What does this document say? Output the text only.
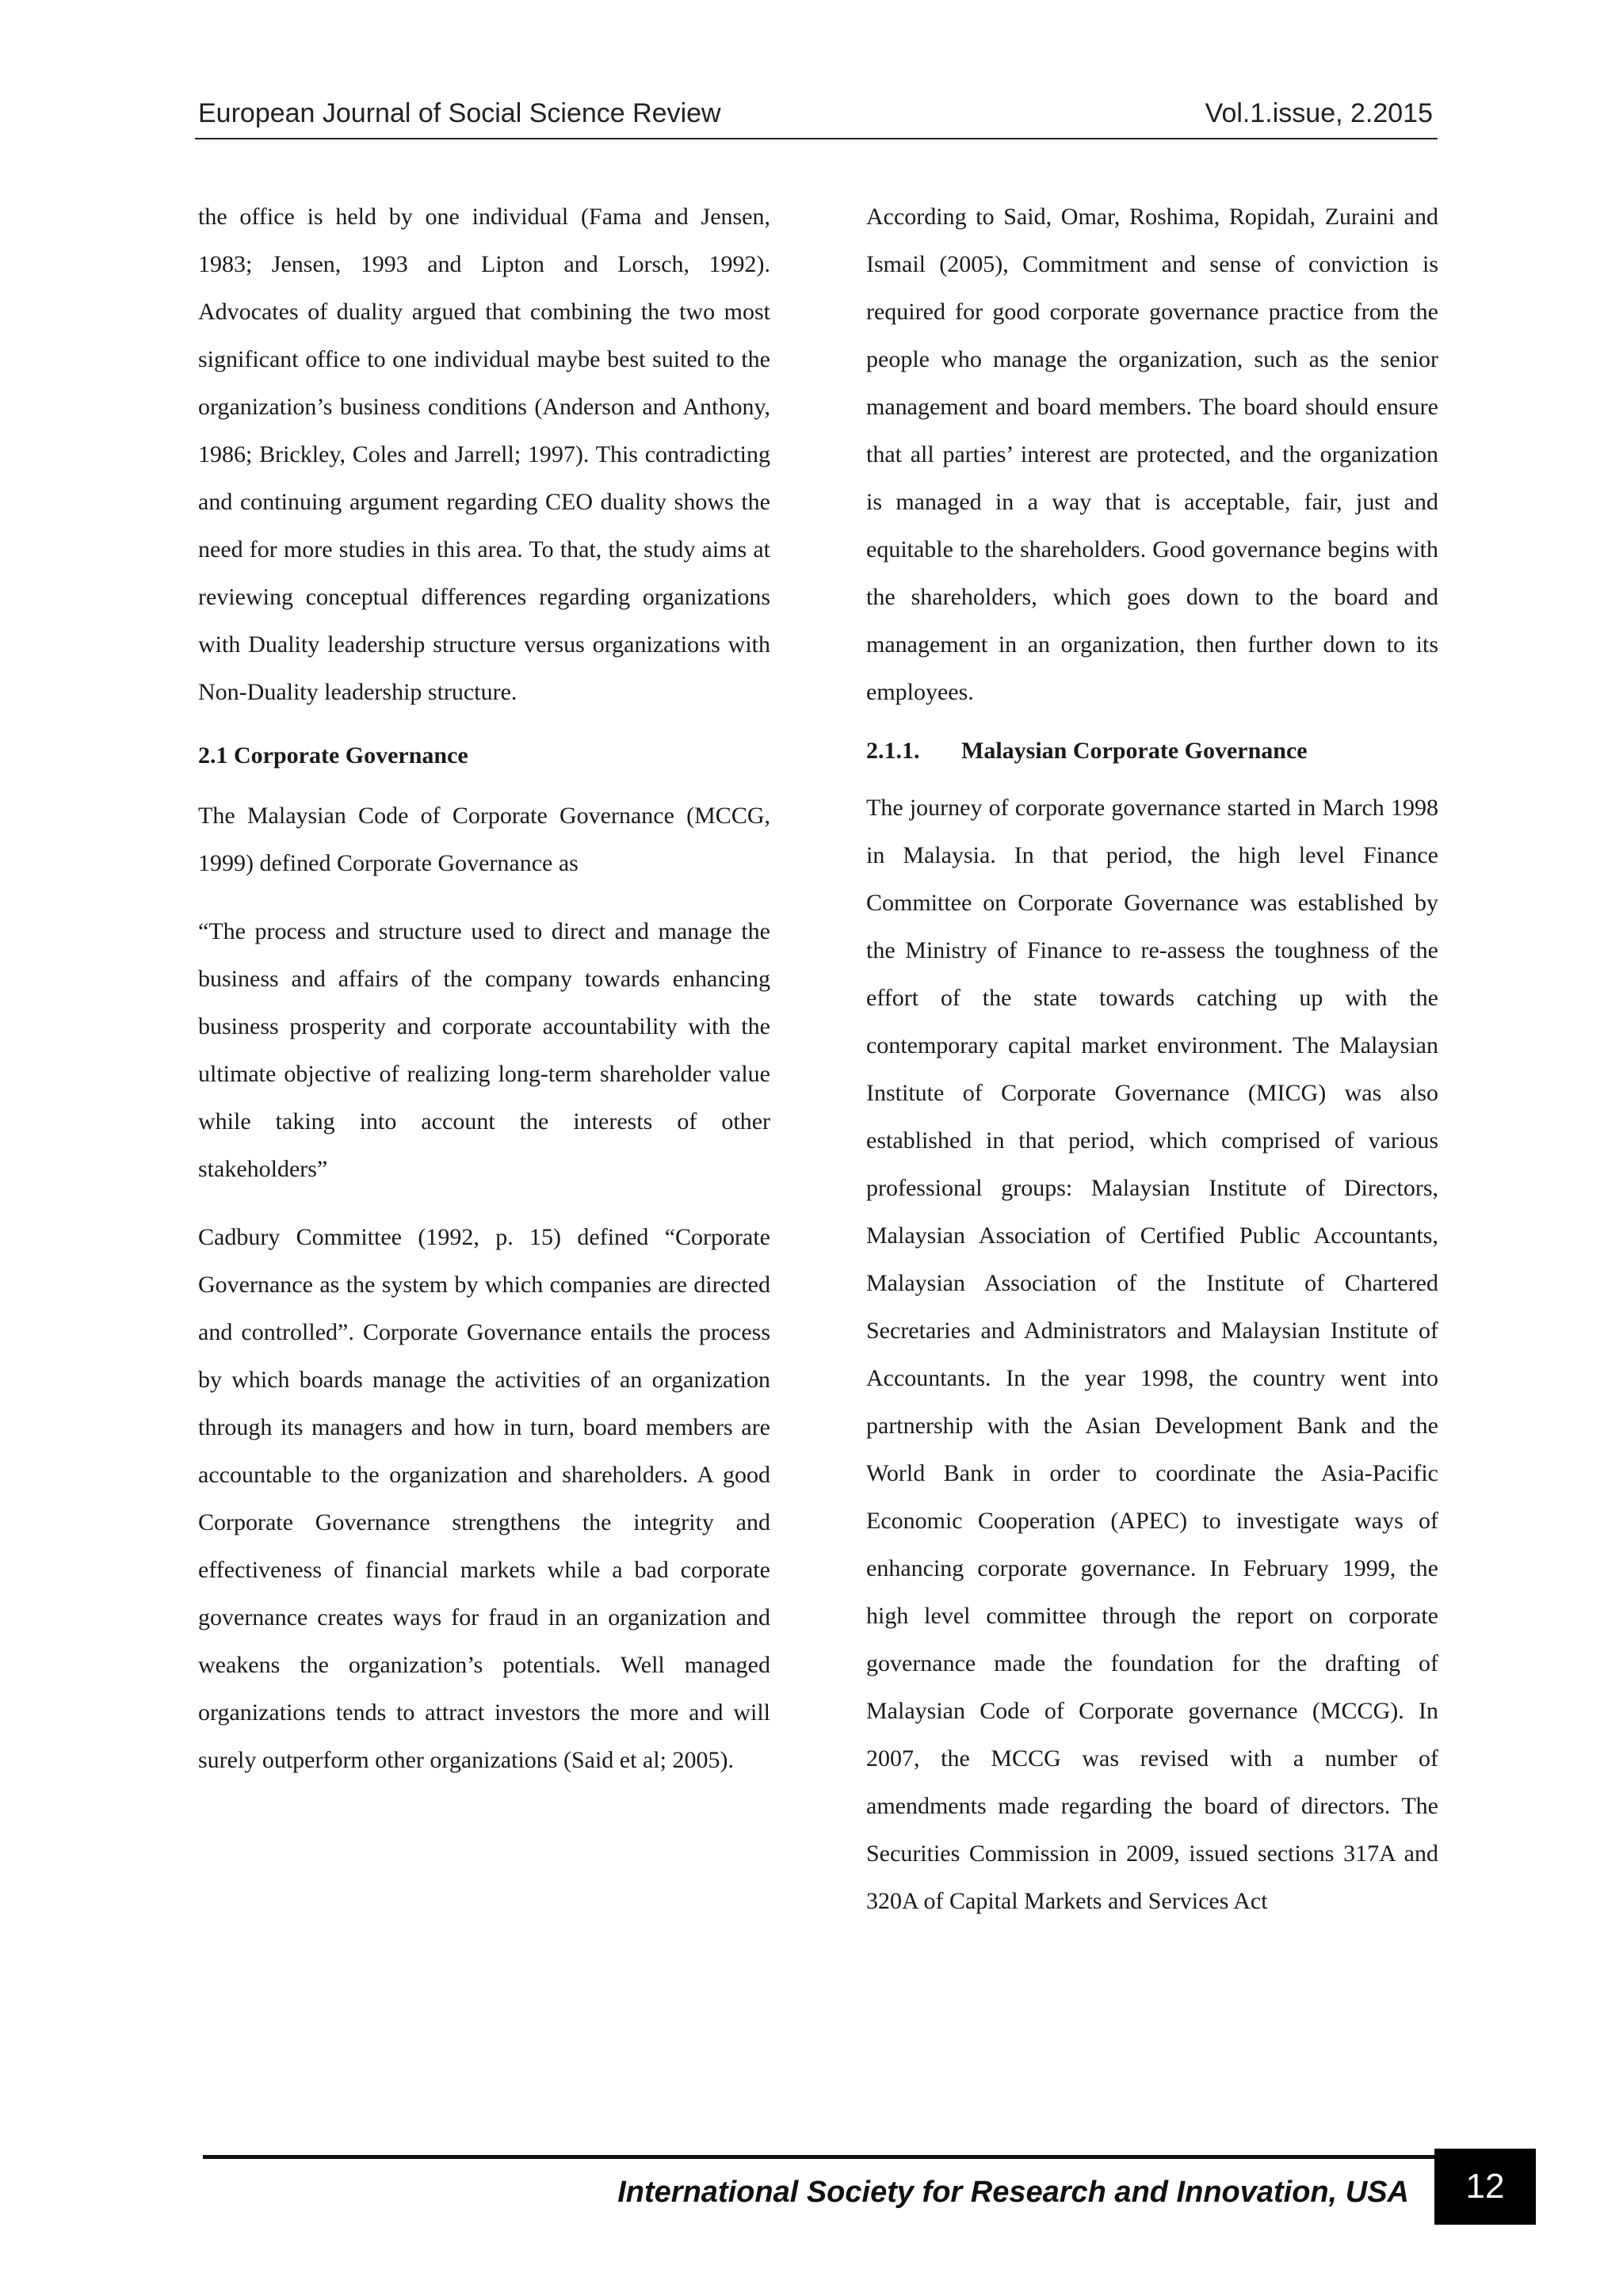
European Journal of Social Science Review	Vol.1.issue, 2.2015

the office is held by one individual (Fama and Jensen, 1983; Jensen, 1993 and Lipton and Lorsch, 1992). Advocates of duality argued that combining the two most significant office to one individual maybe best suited to the organization’s business conditions (Anderson and Anthony, 1986; Brickley, Coles and Jarrell; 1997). This contradicting and continuing argument regarding CEO duality shows the need for more studies in this area. To that, the study aims at reviewing conceptual differences regarding organizations with Duality leadership structure versus organizations with Non-Duality leadership structure.

2.1 Corporate Governance

The Malaysian Code of Corporate Governance (MCCG, 1999) defined Corporate Governance as

“The process and structure used to direct and manage the business and affairs of the company towards enhancing business prosperity and corporate accountability with the ultimate objective of realizing long-term shareholder value while taking into account the interests of other stakeholders”

Cadbury Committee (1992, p. 15) defined “Corporate Governance as the system by which companies are directed and controlled”. Corporate Governance entails the process by which boards manage the activities of an organization through its managers and how in turn, board members are accountable to the organization and shareholders. A good Corporate Governance strengthens the integrity and effectiveness of financial markets while a bad corporate governance creates ways for fraud in an organization and weakens the organization’s potentials. Well managed organizations tends to attract investors the more and will surely outperform other organizations (Said et al; 2005).

According to Said, Omar, Roshima, Ropidah, Zuraini and Ismail (2005), Commitment and sense of conviction is required for good corporate governance practice from the people who manage the organization, such as the senior management and board members. The board should ensure that all parties’ interest are protected, and the organization is managed in a way that is acceptable, fair, just and equitable to the shareholders. Good governance begins with the shareholders, which goes down to the board and management in an organization, then further down to its employees.

2.1.1. Malaysian Corporate Governance

The journey of corporate governance started in March 1998 in Malaysia. In that period, the high level Finance Committee on Corporate Governance was established by the Ministry of Finance to re-assess the toughness of the effort of the state towards catching up with the contemporary capital market environment. The Malaysian Institute of Corporate Governance (MICG) was also established in that period, which comprised of various professional groups: Malaysian Institute of Directors, Malaysian Association of Certified Public Accountants, Malaysian Association of the Institute of Chartered Secretaries and Administrators and Malaysian Institute of Accountants. In the year 1998, the country went into partnership with the Asian Development Bank and the World Bank in order to coordinate the Asia-Pacific Economic Cooperation (APEC) to investigate ways of enhancing corporate governance. In February 1999, the high level committee through the report on corporate governance made the foundation for the drafting of Malaysian Code of Corporate governance (MCCG). In 2007, the MCCG was revised with a number of amendments made regarding the board of directors. The Securities Commission in 2009, issued sections 317A and 320A of Capital Markets and Services Act

International Society for Research and Innovation, USA	12
